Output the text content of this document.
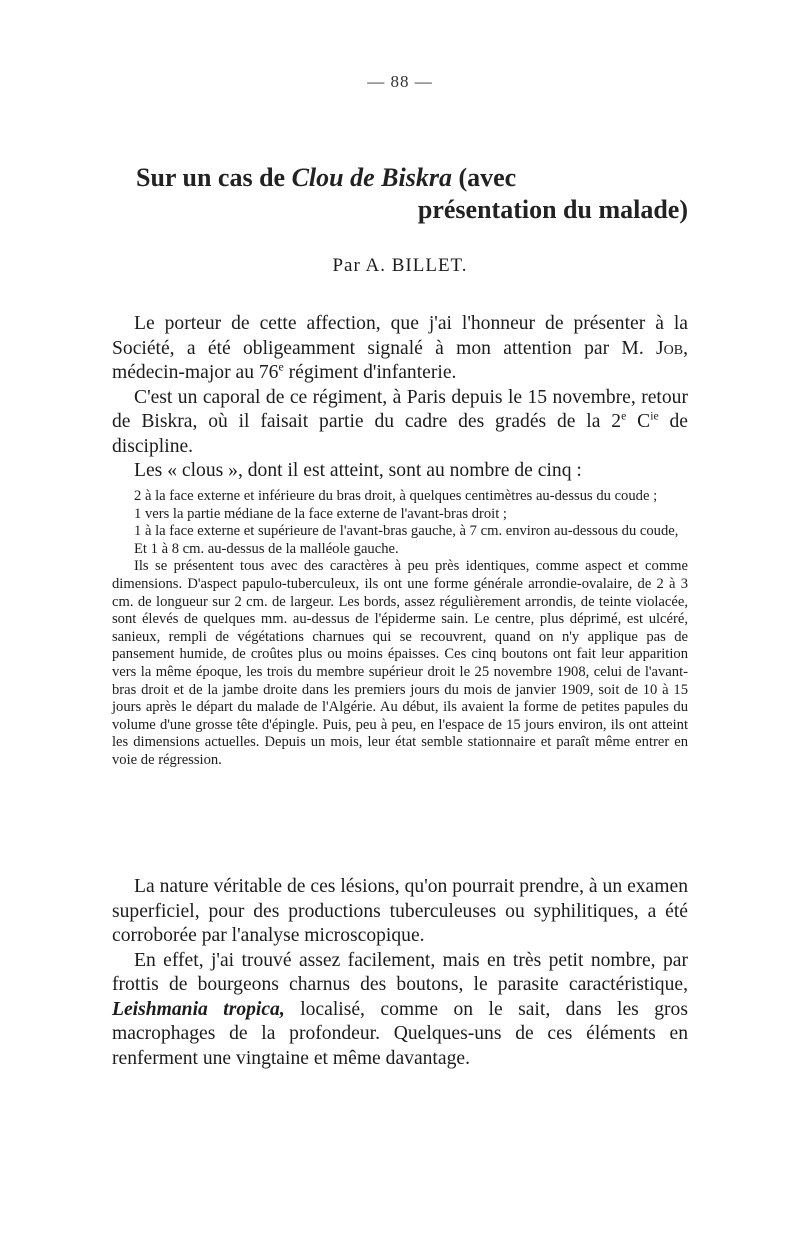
— 88 —
Sur un cas de Clou de Biskra (avec
présentation du malade)
Par A. BILLET.

Le porteur de cette affection, que j'ai l'honneur de présenter à la Société, a été obligeamment signalé à mon attention par M. Job, médecin-major au 76e régiment d'infanterie.

C'est un caporal de ce régiment, à Paris depuis le 15 novembre, retour de Biskra, où il faisait partie du cadre des gradés de la 2e $C^{ie}$ de discipline.

Les « clous », dont il est atteint, sont au nombre de cinq :

2 à la face externe et inférieure du bras droit, à quelques centimètres au-dessus du coude ;

1 vers la partie médiane de la face externe de l'avant-bras droit ;

1 à la face externe et supérieure de l'avant-bras gauche, à 7 cm. environ au-dessous du coude,

Et 1 à 8 cm. au-dessus de la malléole gauche.

Ils se présentent tous avec des caractères à peu près identiques, comme aspect et comme dimensions. D'aspect papulo-tuberculeux, ils ont une forme générale arrondie-ovalaire, de 2 à 3 cm. de longueur sur 2 cm. de largeur. Les bords, assez régulièrement arrondis, de teinte violacée, sont élevés de quelques mm. au-dessus de l'épiderme sain. Le centre, plus déprimé, est ulcéré, sanieux, rempli de végétations charnues qui se recouvrent, quand on n'y applique pas de pansement humide, de croûtes plus ou moins épaisses. Ces cinq boutons ont fait leur apparition vers la même époque, les trois du membre supérieur droit le 25 novembre 1908, celui de l'avant-bras droit et de la jambe droite dans les premiers jours du mois de janvier 1909, soit de 10 à 15 jours après le départ du malade de l'Algérie. Au début, ils avaient la forme de petites papules du volume d'une grosse tête d'épingle. Puis, peu à peu, en l'espace de 15 jours environ, ils ont atteint les dimensions actuelles. Depuis un mois, leur état semble stationnaire et paraît même entrer en voie de régression.

La nature véritable de ces lésions, qu'on pourrait prendre, à un examen superficiel, pour des productions tuberculeuses ou syphilitiques, a été corroborée par l'analyse microscopique.

En effet, j'ai trouvé assez facilement, mais en très petit nombre, par frottis de bourgeons charnus des boutons, le parasite caractéristique, Leishmania tropica, localisé, comme on le sait, dans les gros macrophages de la profondeur. Quelques-uns de ces éléments en renferment une vingtaine et même davantage.
